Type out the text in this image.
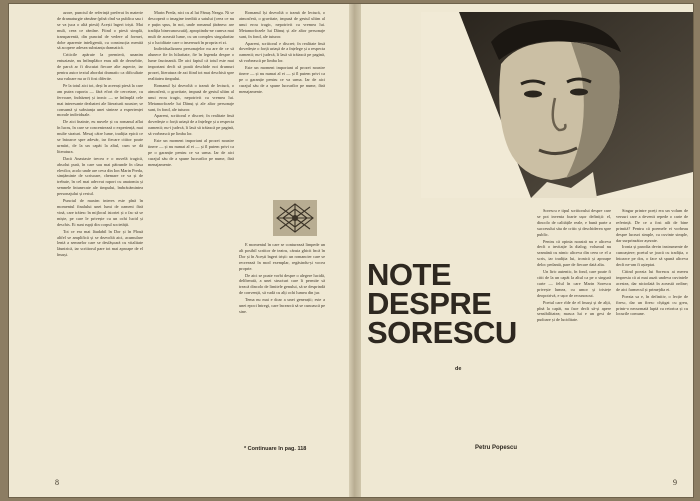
azore, punctul de referință preferat în materie de dramaturgie rămâne (pînă cînd va publica sau i se va juca o altă piesă) Acești îngeri triști. Mai mult, ceea ce rămîne. Fiind o piesă simplă, transparentă, din punctul de vedere al formei, dobe aparente inteligentă, cu construcția menită să acopere adesea substanța dramatică.

Criticile apărute la premieră, unanim entuziaste, nu întîmplător erau atît de deosebite, de parcă ar fi discutat fiecare alte aspecte, iar pentru autor textul abordat dramatic ca dificultate sau valoare nu ar fi fost diferite.

Pe la totul aici tot, deși în aceeași piesă la care am putea raporta — fără efort de cercetare, cu fervoare, îndrăzneț și ironic — se întîmplă cele mai interesante dezbateri ale literaturii noastre; se consumă și substanța unei sinteze a experienței morale individuale.

De aici înainte, eu nuvele și cu romanul aflat în lucru, în care se concentrează o experiență, mai multe straturi. Mesaj către lume, tradiția epică ce se întoarce spre adevăr, iar fiecare cititor poate urmări, de la un capăt la altul, cum se dă literatura.

Dacă Anastasie trecea e o nuvelă tragică, absolut pură, în care sau mai pătrunde în clasa elevilor, acolo unde are ceva din Ion Marin Preda, simțăminte de scrisoare, chemare ce va și de trebuie, în cel mai adecvat raport cu anatomia și semnele întunecate ale timpului, îmbrăcămintea personajului și restul.

Punctul de maxim interes este pînă în momentul finalului unei lumi de oameni fără vină, care trăiesc în mijlocul istoriei și o fac să se miște, pe care le privește cu un ochi lucid și deschis. Ei sunt rupți din corpul societății.

Tot ce era mai lăudabil în Dor și în Plouă altfel se amplifică și se dezvoltă aici, acumulare lentă a semnelor care se desfășoară cu vitalitate lăuntrică, iar scriitorul pare tot mai aproape de el însuși.

Marin Preda, nici cu al lui Fănuș Neagu. Ni se descoperă o imagine inedită a satului (ceea ce nu e puțin spus, în noi, unde romanul țărănesc are tradiția binecunoscută), apropiindu-ne cumva mai mult de această lume, cu un complex singularitar și o luciditate care o inserează în propria ei zi.

Individualizarea personajelor nu are de ce să alunece fie în hilaritate, fie în legenda despre o lume fascinantă. De aici faptul că totul este mai important decît să poată deschide noi drumuri prozei, literatura de azi fiind tot mai deschisă spre realitatea timpului.

Romanul își dezvoltă o tramă de lectură, o atmosferă, o gravitate, impusă de gestul ultim al unui erou tragic, nepotrivit cu vremea lui. Metamorfozele lui Dănuț și ale altor personaje sunt, în fond, ale tuturor.

Aparent, scriitorul e discret; în realitate însă dovedește o forță uriașă de a înțelege și a respecta oamenii; nu-i judecă, îi lasă să trăiască pe pagină, să vorbească pe limba lor.

Este un moment important al prozei noastre tinere — și nu numai al ei — și îl putem privi ca pe o garanție pentru ce va urma. Iar de aici curajul său de a spune lucrurilor pe nume, fără menajamente.

E momentul în care se conturează limpede un alt posibil scriitor de teatru, căruia ghicit încă în Dor și în Acești îngeri triști: un romancier care se recreează în mod exemplar, regăsindu-și vocea proprie.

De aici se poate vorbi despre o alegere lucidă, deliberată, a unei structuri care îi permite să treacă dincolo de limitele genului, să se desprindă de convenții, să vadă cu alți ochi lumea din jur.

Tema nu mai e doar a unei generații; este a unei epoci întregi, care încearcă să se cunoască pe sine.

Romanul își dezvoltă o tramă de lectură, o atmosferă, o gravitate, impusă de gestul ultim al unui erou tragic, nepotrivit cu vremea lui. Metamorfozele lui Dănuț și ale altor personaje sunt, în fond, ale tuturor.

Aparent, scriitorul e discret; în realitate însă dovedește o forță uriașă de a înțelege și a respecta oamenii; nu-i judecă, îi lasă să trăiască pe pagină, să vorbească pe limba lor.

Este un moment important al prozei noastre tinere — și nu numai al ei — și îl putem privi ca pe o garanție pentru ce va urma. Iar de aici curajul său de a spune lucrurilor pe nume, fără menajamente.

* Continuare în pag. 118
8
NOTE
DESPRE
SORESCU
de
Petru Popescu

Sorescu e tipul scriitorului despre care se pot inventa foarte ușor definiții: el, dincolo de calitățile reale, e bună parte a succesului său de critic și deschiderea spre public.

Pentru că opinia noastră nu e altceva decît o invitație la dialog; volumul nu seamănă cu nimic altceva din ceea ce el a scris, iar tradiția lui, ironică și aproape deloc pedantă, pare de fiecare dată alta.

Un liric autentic, în fond, care poate fi citit de la un capăt la altul ca pe o singură carte — felul în care Marin Sorescu privește lumea, cu umor și tristețe deopotrivă, e ușor de recunoscut.

Poetul care rîde de el însuși și de alții, pînă la capăt, nu face decît să-și apere sensibilitatea; masca lui e un gest de pudoare și de luciditate.

Singur printre poeți era un volum de versuri care a devenit repede o carte de referință. De ce a fost atît de bine primită? Pentru că poemele ei vorbeau despre lucruri simple, cu cuvinte simple, dar surprinzător așezate.

Ironia și parodia devin instrumente de cunoaștere; poetul se joacă cu tradiția, o întoarce pe dos, o face să spună altceva decît ne-am fi așteptat.

Citind poezia lui Sorescu ai mereu impresia că ai mai auzit undeva cuvintele acestea, dar niciodată în această ordine; de aici farmecul și primejdia ei.

Poezia sa e, în definitiv, o lecție de firesc, dar un firesc cîștigat cu greu, printr-o necurmată luptă cu retorica și cu locurile comune.

9
